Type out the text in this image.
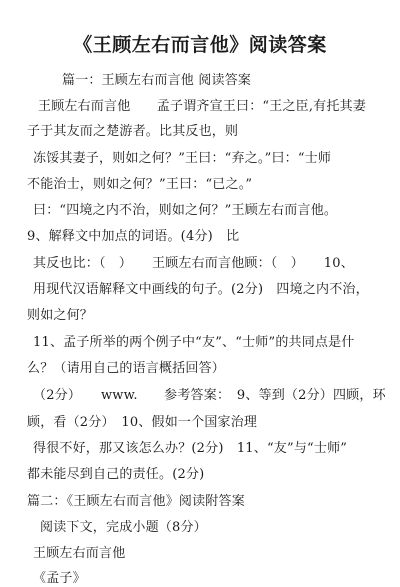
《王顾左右而言他》阅读答案
篇一：王顾左右而言他 阅读答案
王顾左右而言他　　孟子谓齐宣王曰：“王之臣,有托其妻
子于其友而之楚游者。比其反也，则
冻馁其妻子，则如之何？”王曰：“弃之。”曰：“士师
不能治士，则如之何？”王曰：“已之。”
曰：“四境之内不治，则如之何？”王顾左右而言他。
9、解释文中加点的词语。(4分)　比
其反也比：（　）　　王顾左右而言他顾：（　）　　10、
用现代汉语解释文中画线的句子。(2分)　四境之内不治，
则如之何？
11、孟子所举的两个例子中“友”、“士师”的共同点是什
么？（请用自己的语言概括回答）
（2分）　　www.　　参考答案：　9、等到（2分）四顾，环
顾，看（2分）　10、假如一个国家治理
得很不好，那又该怎么办？(2分)　11、“友”与“士师”
都未能尽到自己的责任。(2分)
篇二：《王顾左右而言他》阅读附答案
阅读下文，完成小题（8分）
王顾左右而言他
《孟子》
